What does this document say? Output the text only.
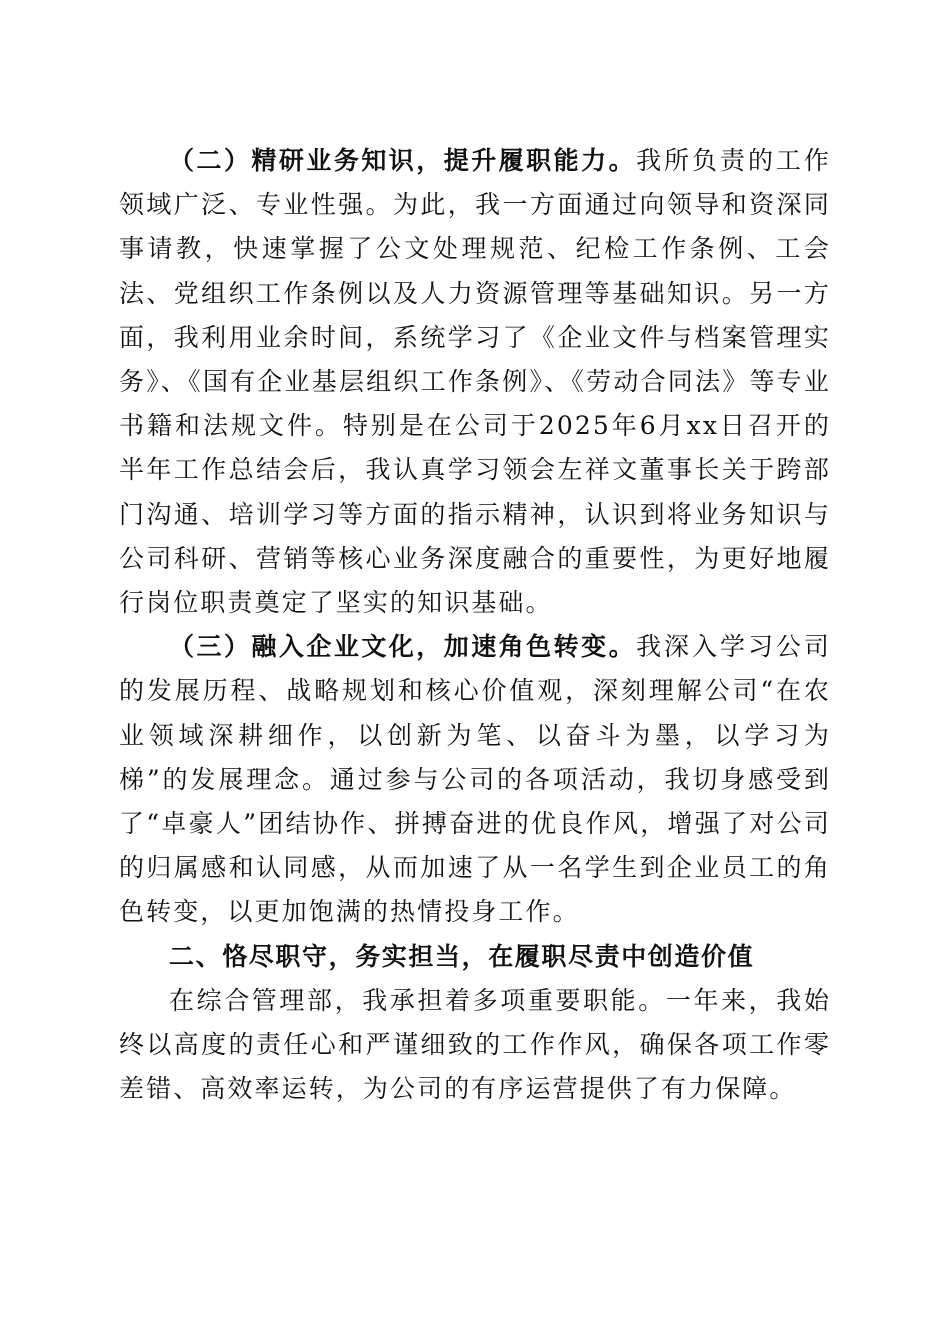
（二）精研业务知识，提升履职能力。我所负责的工作领域广泛、专业性强。为此，我一方面通过向领导和资深同事请教，快速掌握了公文处理规范、纪检工作条例、工会法、党组织工作条例以及人力资源管理等基础知识。另一方面，我利用业余时间，系统学习了《企业文件与档案管理实务》、《国有企业基层组织工作条例》、《劳动合同法》等专业书籍和法规文件。特别是在公司于2025年6月xx日召开的半年工作总结会后，我认真学习领会左祥文董事长关于跨部门沟通、培训学习等方面的指示精神，认识到将业务知识与公司科研、营销等核心业务深度融合的重要性，为更好地履行岗位职责奠定了坚实的知识基础。

（三）融入企业文化，加速角色转变。我深入学习公司的发展历程、战略规划和核心价值观，深刻理解公司“在农业领域深耕细作，以创新为笔、以奋斗为墨，以学习为梯”的发展理念。通过参与公司的各项活动，我切身感受到了“卓豪人”团结协作、拼搏奋进的优良作风，增强了对公司的归属感和认同感，从而加速了从一名学生到企业员工的角色转变，以更加饱满的热情投身工作。

二、恪尽职守，务实担当，在履职尽责中创造价值

在综合管理部，我承担着多项重要职能。一年来，我始终以高度的责任心和严谨细致的工作作风，确保各项工作零差错、高效率运转，为公司的有序运营提供了有力保障。
